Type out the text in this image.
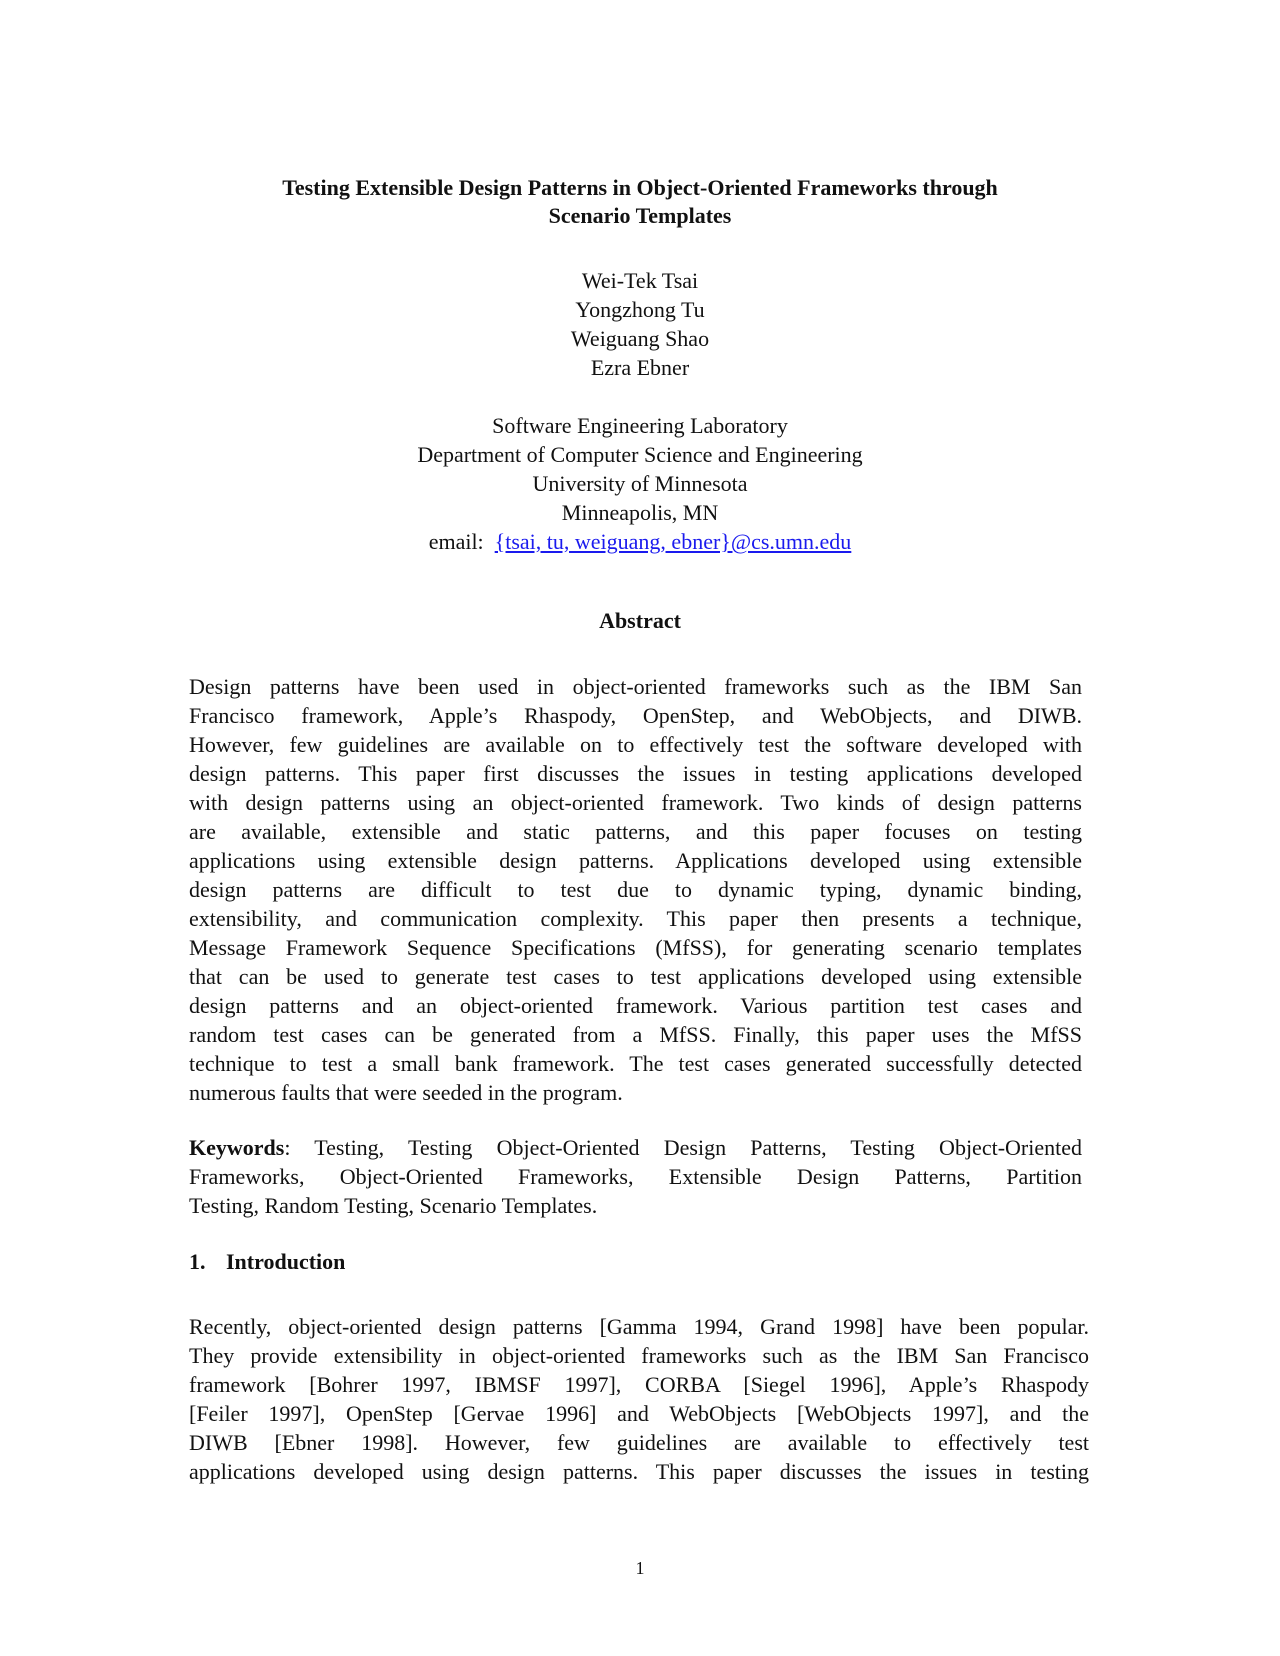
Testing Extensible Design Patterns in Object-Oriented Frameworks through
Scenario Templates
Wei-Tek Tsai
Yongzhong Tu
Weiguang Shao
Ezra Ebner
Software Engineering Laboratory
Department of Computer Science and Engineering
University of Minnesota
Minneapolis, MN
email: {tsai, tu, weiguang, ebner}@cs.umn.edu
Abstract
Design patterns have been used in object-oriented frameworks such as the IBM San
Francisco framework, Apple’s Rhaspody, OpenStep, and WebObjects, and DIWB.
However, few guidelines are available on to effectively test the software developed with
design patterns. This paper first discusses the issues in testing applications developed
with design patterns using an object-oriented framework. Two kinds of design patterns
are available, extensible and static patterns, and this paper focuses on testing
applications using extensible design patterns. Applications developed using extensible
design patterns are difficult to test due to dynamic typing, dynamic binding,
extensibility, and communication complexity. This paper then presents a technique,
Message Framework Sequence Specifications (MfSS), for generating scenario templates
that can be used to generate test cases to test applications developed using extensible
design patterns and an object-oriented framework. Various partition test cases and
random test cases can be generated from a MfSS. Finally, this paper uses the MfSS
technique to test a small bank framework. The test cases generated successfully detected
numerous faults that were seeded in the program.
Keywords: Testing, Testing Object-Oriented Design Patterns, Testing Object-Oriented
Frameworks, Object-Oriented Frameworks, Extensible Design Patterns, Partition
Testing, Random Testing, Scenario Templates.
1. Introduction
Recently, object-oriented design patterns [Gamma 1994, Grand 1998] have been popular.
They provide extensibility in object-oriented frameworks such as the IBM San Francisco
framework [Bohrer 1997, IBMSF 1997], CORBA [Siegel 1996], Apple’s Rhaspody
[Feiler 1997], OpenStep [Gervae 1996] and WebObjects [WebObjects 1997], and the
DIWB [Ebner 1998]. However, few guidelines are available to effectively test
applications developed using design patterns. This paper discusses the issues in testing
1
